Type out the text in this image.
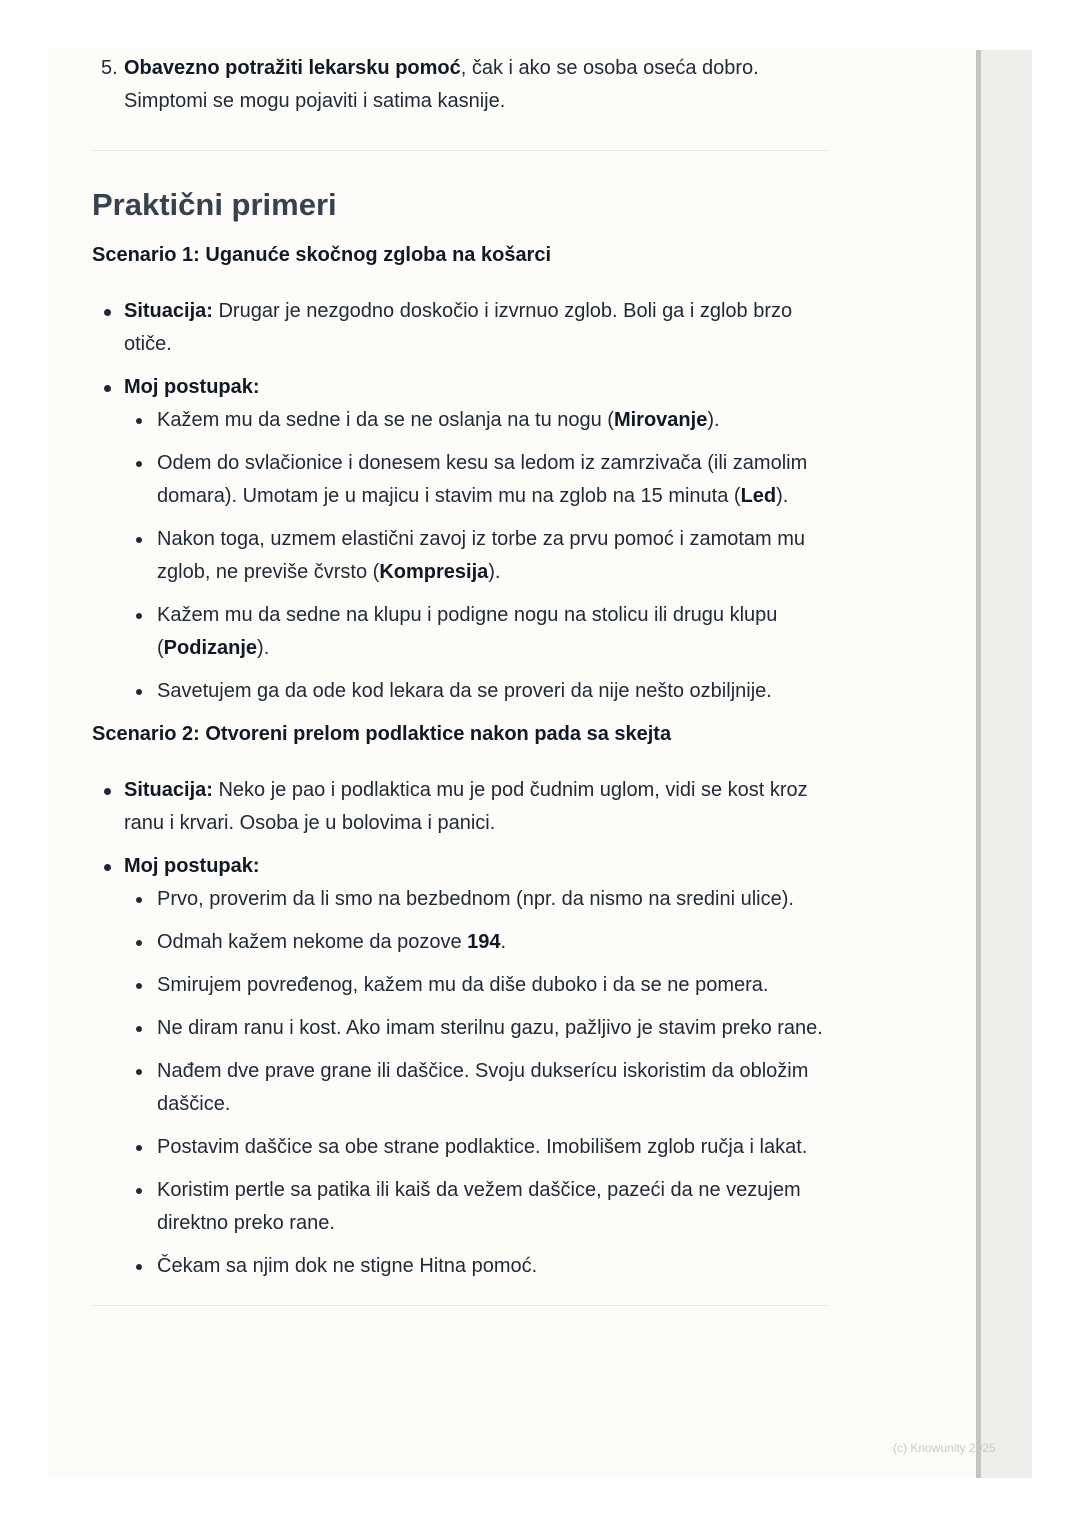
5. Obavezno potražiti lekarsku pomoć, čak i ako se osoba oseća dobro. Simptomi se mogu pojaviti i satima kasnije.

Praktični primeri
Scenario 1: Uganuće skočnog zgloba na košarci
Situacija: Drugar je nezgodno doskočio i izvrnuo zglob. Boli ga i zglob brzo otiče.
Moj postupak:
Kažem mu da sedne i da se ne oslanja na tu nogu (Mirovanje).
Odem do svlačionice i donesem kesu sa ledom iz zamrzivača (ili zamolim domara). Umotam je u majicu i stavim mu na zglob na 15 minuta (Led).
Nakon toga, uzmem elastični zavoj iz torbe za prvu pomoć i zamotam mu zglob, ne previše čvrsto (Kompresija).
Kažem mu da sedne na klupu i podigne nogu na stolicu ili drugu klupu (Podizanje).
Savetujem ga da ode kod lekara da se proveri da nije nešto ozbiljnije.
Scenario 2: Otvoreni prelom podlaktice nakon pada sa skejta
Situacija: Neko je pao i podlaktica mu je pod čudnim uglom, vidi se kost kroz ranu i krvari. Osoba je u bolovima i panici.
Moj postupak:
Prvo, proverim da li smo na bezbednom (npr. da nismo na sredini ulice).
Odmah kažem nekome da pozove 194.
Smirujem povređenog, kažem mu da diše duboko i da se ne pomera.
Ne diram ranu i kost. Ako imam sterilnu gazu, pažljivo je stavim preko rane.
Nađem dve prave grane ili daščice. Svoju dukserícu iskoristim da obložim daščice.
Postavim daščice sa obe strane podlaktice. Imobilišem zglob ručja i lakat.
Koristim pertle sa patika ili kaiš da vežem daščice, pazeći da ne vezujem direktno preko rane.
Čekam sa njim dok ne stigne Hitna pomoć.
(c) Knowunity 2025
